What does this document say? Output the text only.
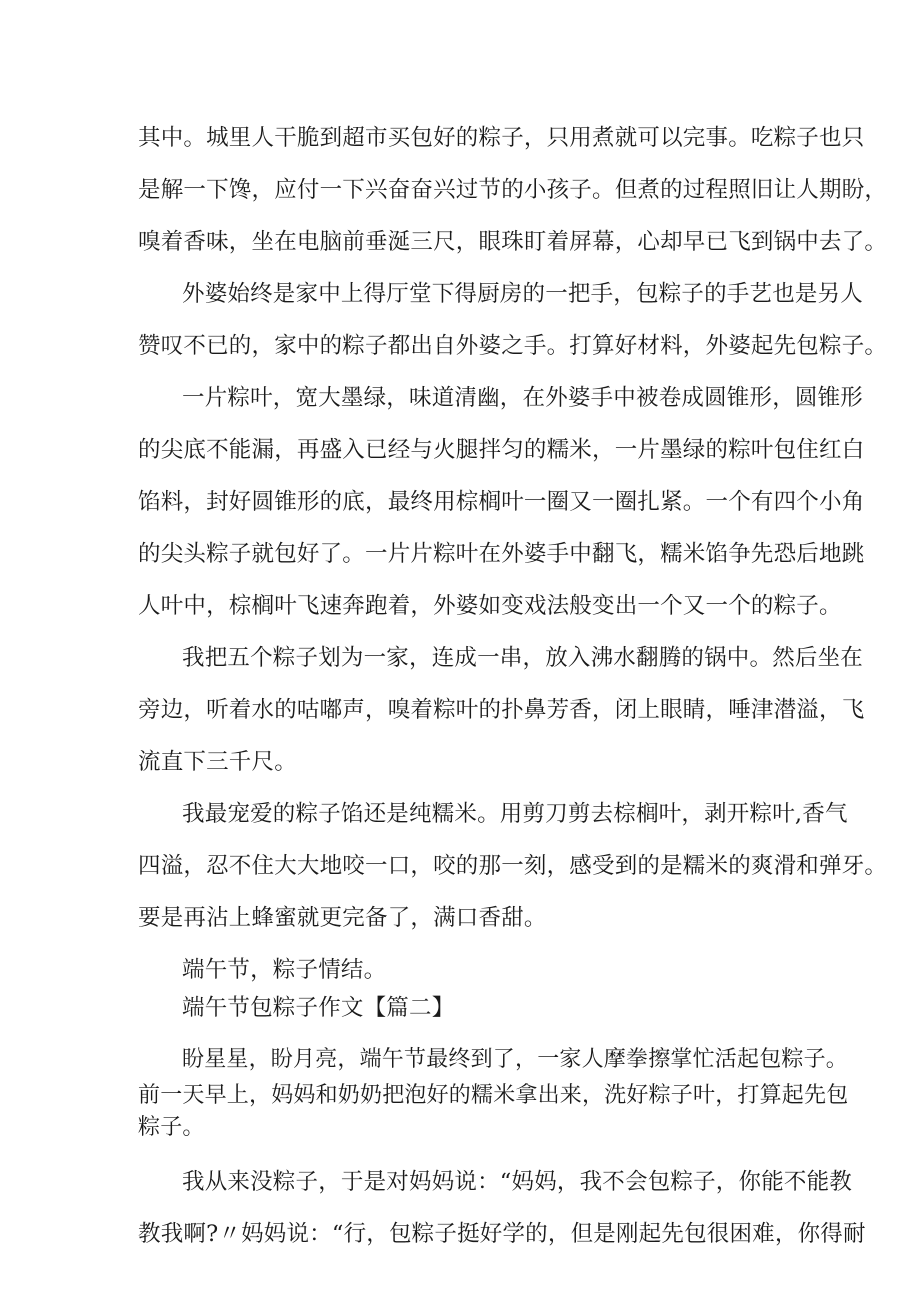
其中。城里人干脆到超市买包好的粽子，只用煮就可以完事。吃粽子也只

是解一下馋，应付一下兴奋奋兴过节的小孩子。但煮的过程照旧让人期盼，

嗅着香味，坐在电脑前垂涎三尺，眼珠盯着屏幕，心却早已飞到锅中去了。

外婆始终是家中上得厅堂下得厨房的一把手，包粽子的手艺也是另人

赞叹不已的，家中的粽子都出自外婆之手。打算好材料，外婆起先包粽子。

一片粽叶，宽大墨绿，味道清幽，在外婆手中被卷成圆锥形，圆锥形

的尖底不能漏，再盛入已经与火腿拌匀的糯米，一片墨绿的粽叶包住红白

馅料，封好圆锥形的底，最终用棕榈叶一圈又一圈扎紧。一个有四个小角

的尖头粽子就包好了。一片片粽叶在外婆手中翻飞，糯米馅争先恐后地跳

人叶中，棕榈叶飞速奔跑着，外婆如变戏法般变出一个又一个的粽子。

我把五个粽子划为一家，连成一串，放入沸水翻腾的锅中。然后坐在

旁边，听着水的咕嘟声，嗅着粽叶的扑鼻芳香，闭上眼睛，唾津潜溢，飞

流直下三千尺。

我最宠爱的粽子馅还是纯糯米。用剪刀剪去棕榈叶，剥开粽叶,香气

四溢，忍不住大大地咬一口，咬的那一刻，感受到的是糯米的爽滑和弹牙。

要是再沾上蜂蜜就更完备了，满口香甜。

端午节，粽子情结。

端午节包粽子作文【篇二】

盼星星，盼月亮，端午节最终到了，一家人摩拳擦掌忙活起包粽子。

前一天早上，妈妈和奶奶把泡好的糯米拿出来，洗好粽子叶，打算起先包

粽子。

我从来没粽子，于是对妈妈说：“妈妈，我不会包粽子，你能不能教

教我啊?〃妈妈说：“行，包粽子挺好学的，但是刚起先包很困难，你得耐
